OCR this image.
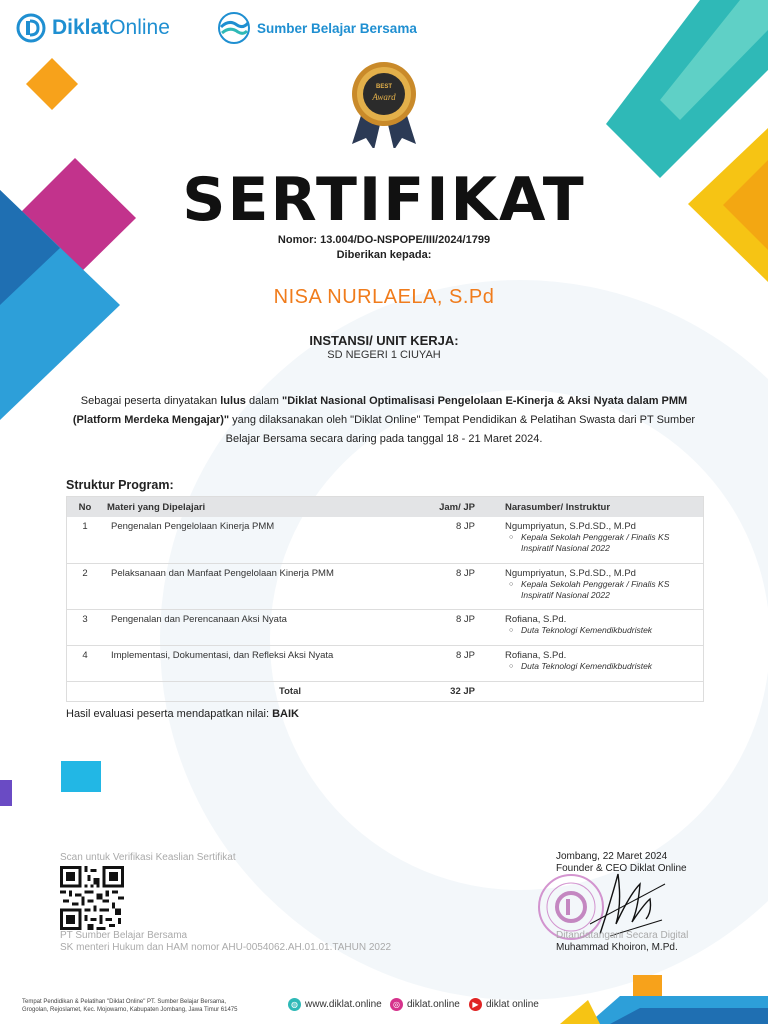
DiklatOnline	Sumber Belajar Bersama
BEST
Award
SERTIFIKAT
Nomor: 13.004/DO-NSPOPE/III/2024/1799
Diberikan kepada:
NISA NURLAELA, S.Pd
INSTANSI/ UNIT KERJA:
SD NEGERI 1 CIUYAH
Sebagai peserta dinyatakan lulus dalam "Diklat Nasional Optimalisasi Pengelolaan E-Kinerja & Aksi Nyata dalam PMM (Platform Merdeka Mengajar)" yang dilaksanakan oleh "Diklat Online" Tempat Pendidikan & Pelatihan Swasta dari PT Sumber Belajar Bersama secara daring pada tanggal 18 - 21 Maret 2024.
Struktur Program:
No	Materi yang Dipelajari	Jam/ JP	Narasumber/ Instruktur
1	Pengenalan Pengelolaan Kinerja PMM	8 JP	Ngumpriyatun, S.Pd.SD., M.Pd
○ Kepala Sekolah Penggerak / Finalis KS Inspiratif Nasional 2022

2	Pelaksanaan dan Manfaat Pengelolaan Kinerja PMM	8 JP	Ngumpriyatun, S.Pd.SD., M.Pd
○ Kepala Sekolah Penggerak / Finalis KS Inspiratif Nasional 2022

3	Pengenalan dan Perencanaan Aksi Nyata	8 JP	Rofiana, S.Pd.
○ Duta Teknologi Kemendikbudristek

4	Implementasi, Dokumentasi, dan Refleksi Aksi Nyata	8 JP	Rofiana, S.Pd.
○ Duta Teknologi Kemendikbudristek

Total		32 JP	
Hasil evaluasi peserta mendapatkan nilai: BAIK
Scan untuk Verifikasi Keaslian Sertifikat
PT Sumber Belajar Bersama
SK menteri Hukum dan HAM nomor AHU-0054062.AH.01.01.TAHUN 2022
Jombang, 22 Maret 2024
Founder & CEO Diklat Online
Ditandatangani Secara Digital
Muhammad Khoiron, M.Pd.
Tempat Pendidikan & Pelatihan "Diklat Online" PT. Sumber Belajar Bersama,
Grogolan, Rejoslamet, Kec. Mojowarno, Kabupaten Jombang, Jawa Timur 61475
◍ www.diklat.online	◎ diklat.online	▶ diklat online
